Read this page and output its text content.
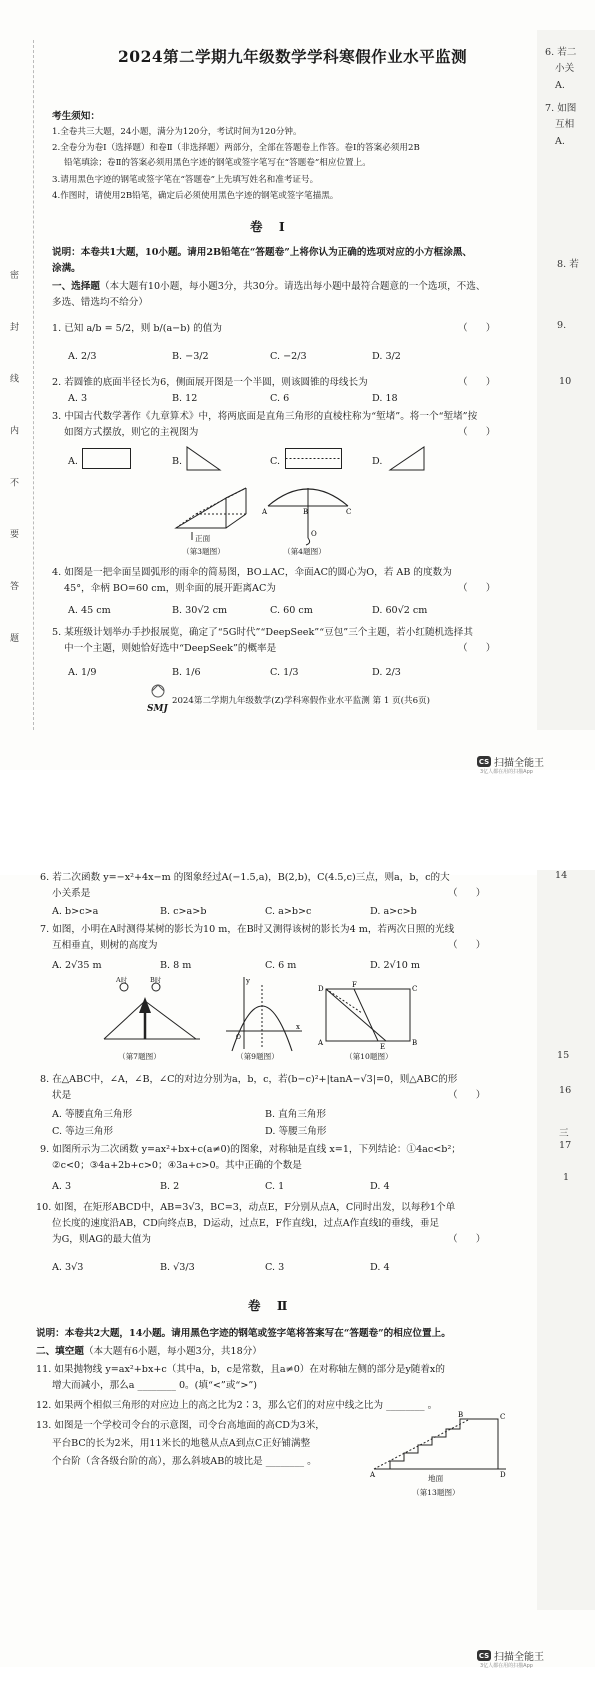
密 封 线 内 不 要 答 题
2024第二学期九年级数学学科寒假作业水平监测
考生须知：
1.全卷共三大题，24小题，满分为120分，考试时间为120分钟。
2.全卷分为卷Ⅰ（选择题）和卷Ⅱ（非选择题）两部分，全部在答题卷上作答。卷Ⅰ的答案必须用2B
铅笔填涂；卷Ⅱ的答案必须用黑色字迹的钢笔或签字笔写在“答题卷”相应位置上。
3.请用黑色字迹的钢笔或签字笔在“答题卷”上先填写姓名和准考证号。
4.作图时，请使用2B铅笔，确定后必须使用黑色字迹的钢笔或签字笔描黑。
卷 Ⅰ
说明：本卷共1大题，10小题。请用2B铅笔在“答题卷”上将你认为正确的选项对应的小方框涂黑、
涂满。
一、选择题（本大题有10小题，每小题3分，共30分。请选出每小题中最符合题意的一个选项，不选、
多选、错选均不给分）
1. 已知 a/b = 5/2，则 b/(a−b) 的值为	（      ）
A. 2/3	B. −3/2	C. −2/3	D. 3/2
2. 若圆锥的底面半径长为6，侧面展开图是一个半圆，则该圆锥的母线长为	（      ）
A. 3	B. 12	C. 6	D. 18
3. 中国古代数学著作《九章算术》中，将两底面是直角三角形的直棱柱称为“堑堵”。将一个“堑堵”按
如图方式摆放，则它的主视图为	（      ）
A.	B.	C.	D.
正面
（第3题图）
A	B	C
O
（第4题图）
4. 如图是一把伞面呈圆弧形的雨伞的简易图，BO⊥AC，伞面AC的圆心为O，若 AB 的度数为
45°，伞柄 BO=60 cm，则伞面的展开距离AC为	（      ）
A. 45 cm	B. 30√2 cm	C. 60 cm	D. 60√2 cm
5. 某班级计划举办手抄报展览，确定了“5G时代”“DeepSeek”“豆包”三个主题，若小红随机选择其
中一个主题，则她恰好选中“DeepSeek”的概率是	（      ）
A. 1/9	B. 1/6	C. 1/3	D. 2/3
SMJ
2024第二学期九年级数学(Z)学科寒假作业水平监测 第 1 页(共6页)
6. 若二
小关
A.
7. 如图
互相
A.
8. 若
9.
10
CS 扫描全能王
3亿人都在用的扫描App
6. 若二次函数 y=−x²+4x−m 的图象经过A(−1.5,a)，B(2,b)，C(4.5,c)三点，则a，b，c的大
小关系是	（      ）
A. b>c>a	B. c>a>b	C. a>b>c	D. a>c>b
7. 如图，小明在A时测得某树的影长为10 m，在B时又测得该树的影长为4 m，若两次日照的光线
互相垂直，则树的高度为	（      ）
A. 2√35 m	B. 8 m	C. 6 m	D. 2√10 m
A时	B时
（第7题图）
x
y
O
（第9题图）
D	F	C
A	E	B
（第10题图）
8. 在△ABC中，∠A，∠B，∠C的对边分别为a，b，c，若(b−c)²+|tanA−√3|=0，则△ABC的形
状是	（      ）
A. 等腰直角三角形	B. 直角三角形
C. 等边三角形	D. 等腰三角形
9. 如图所示为二次函数 y=ax²+bx+c(a≠0)的图象，对称轴是直线 x=1，下列结论：①4ac<b²；
②c<0；③4a+2b+c>0；④3a+c>0。其中正确的个数是
A. 3	B. 2	C. 1	D. 4
10. 如图，在矩形ABCD中，AB=3√3，BC=3，动点E，F分别从点A，C同时出发，以每秒1个单
位长度的速度沿AB，CD向终点B，D运动，过点E，F作直线l，过点A作直线l的垂线，垂足
为G，则AG的最大值为	（      ）
A. 3√3	B. √3/3	C. 3	D. 4
卷 Ⅱ
说明：本卷共2大题，14小题。请用黑色字迹的钢笔或签字笔将答案写在“答题卷”的相应位置上。
二、填空题（本大题有6小题，每小题3分，共18分）
11. 如果抛物线 y=ax²+bx+c（其中a，b，c是常数，且a≠0）在对称轴左侧的部分是y随着x的
增大而减小，那么a ________ 0。(填“<”或“>”)
12. 如果两个相似三角形的对应边上的高之比为2∶3，那么它们的对应中线之比为 ________ 。
13. 如图是一个学校司令台的示意图，司令台高地面的高CD为3米，
平台BC的长为2米，用11米长的地毯从点A到点C正好铺满整
个台阶（含各级台阶的高），那么斜坡AB的坡比是 ________ 。
A
B	C
D
地面
（第13题图）
14
15
16
三
17
1
CS 扫描全能王
3亿人都在用的扫描App
